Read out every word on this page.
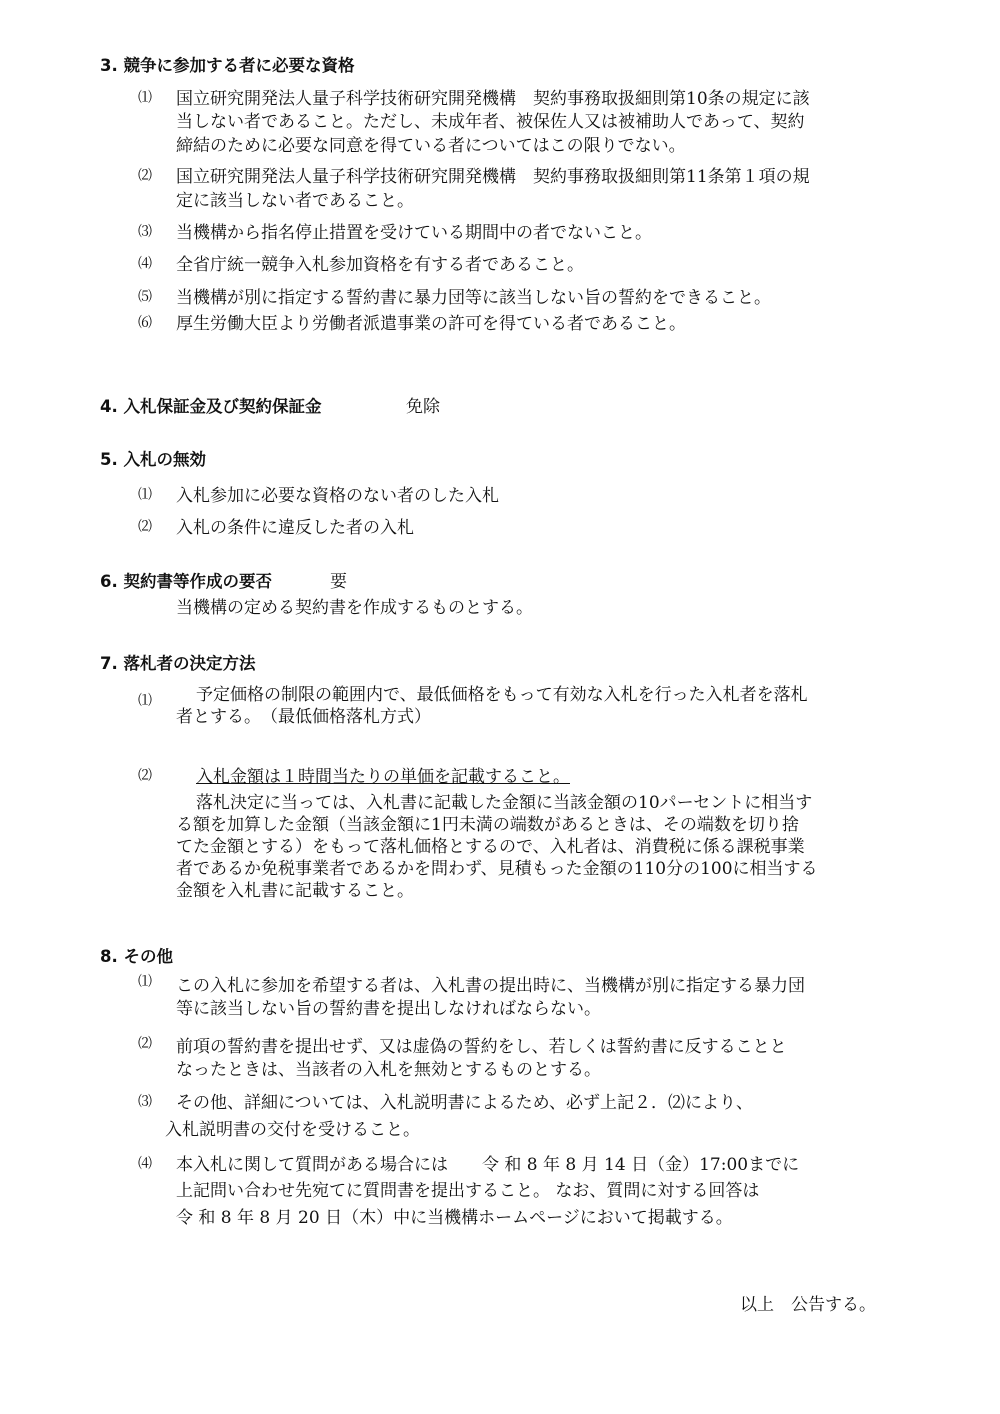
3. 競争に参加する者に必要な資格
⑴ 国立研究開発法人量子科学技術研究開発機構　契約事務取扱細則第10条の規定に該
当しない者であること。ただし、未成年者、被保佐人又は被補助人であって、契約
締結のために必要な同意を得ている者についてはこの限りでない。
⑵ 国立研究開発法人量子科学技術研究開発機構　契約事務取扱細則第11条第１項の規
定に該当しない者であること。
⑶ 当機構から指名停止措置を受けている期間中の者でないこと。
⑷ 全省庁統一競争入札参加資格を有する者であること。
⑸ 当機構が別に指定する誓約書に暴力団等に該当しない旨の誓約をできること。
⑹ 厚生労働大臣より労働者派遣事業の許可を得ている者であること。
4. 入札保証金及び契約保証金	免除
5. 入札の無効
⑴ 入札参加に必要な資格のない者のした入札
⑵ 入札の条件に違反した者の入札
6. 契約書等作成の要否	要
当機構の定める契約書を作成するものとする。
7. 落札者の決定方法
⑴	予定価格の制限の範囲内で、最低価格をもって有効な入札を行った入札者を落札
者とする。　（最低価格落札方式）
⑵	入札金額は１時間当たりの単価を記載すること。
落札決定に当っては、入札書に記載した金額に当該金額の10パーセントに相当す
る額を加算した金額（当該金額に1円未満の端数があるときは、その端数を切り捨
てた金額とする）をもって落札価格とするので、入札者は、消費税に係る課税事業
者であるか免税事業者であるかを問わず、見積もった金額の110分の100に相当する
金額を入札書に記載すること。
8. その他
⑴ この入札に参加を希望する者は、入札書の提出時に、当機構が別に指定する暴力団
等に該当しない旨の誓約書を提出しなければならない。
⑵ 前項の誓約書を提出せず、又は虚偽の誓約をし、若しくは誓約書に反することと
なったときは、当該者の入札を無効とするものとする。
⑶ その他、詳細については、入札説明書によるため、必ず上記２．⑵により、
入札説明書の交付を受けること。
⑷ 本入札に関して質問がある場合には　　令 和 8 年 8 月 14 日（金）17:00までに
上記問い合わせ先宛てに質問書を提出すること。 なお、質問に対する回答は
令 和 8 年 8 月 20 日（木）中に当機構ホームページにおいて掲載する。
以上　公告する。
